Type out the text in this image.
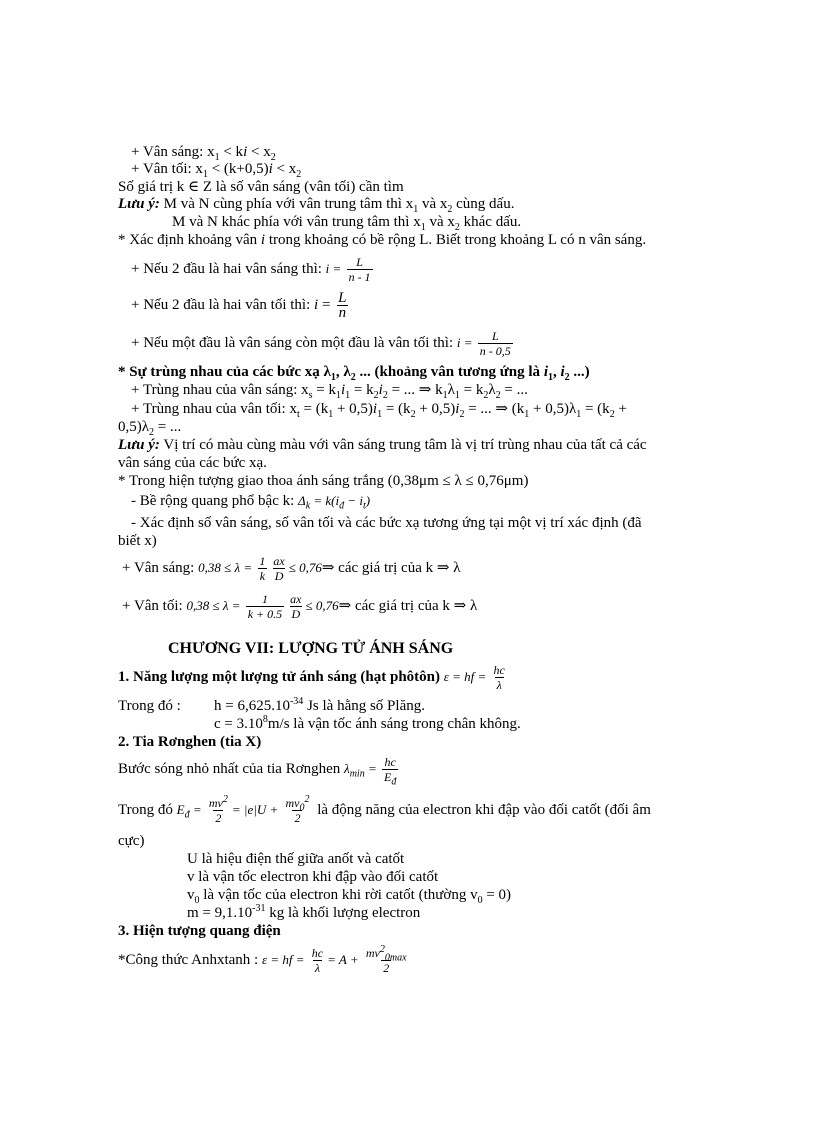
+ Vân sáng: $x_1$ < ki < $x_2$
+ Vân tối: $x_1 < (k+0,5)i < x_2$
Số giá trị k ∈ Z là số vân sáng (vân tối) cần tìm
Lưu ý: M và N cùng phía với vân trung tâm thì $x_1$ và $x_2$ cùng dấu.
M và N khác phía với vân trung tâm thì $x_1$ và $x_2$ khác dấu.
* Xác định khoảng vân i trong khoảng có bề rộng L. Biết trong khoảng L có n vân sáng.
+ Nếu 2 đầu là hai vân sáng thì: $i = \frac{L}{n - 1}$
+ Nếu 2 đầu là hai vân tối thì: $i = \frac{L}{n}$
+ Nếu một đầu là vân sáng còn một đầu là vân tối thì: $i = \frac{L}{n - 0,5}$
* Sự trùng nhau của các bức xạ $\lambda_1$, $\lambda_2$ ... (khoảng vân tương ứng là $i_1$, $i_2$ ...)
+ Trùng nhau của vân sáng: $x_s = k_1i_1 = k_2i_2$ = ... ⇒ $k_1\lambda_1 = k_2\lambda_2$ = ...
+ Trùng nhau của vân tối: $x_t = (k_1 + 0,5)i_1 = (k_2 + 0,5)i_2$ = ... ⇒ $(k_1 + 0,5)\lambda_1 = (k_2$ +
$0,5)\lambda_2$ = ...
Lưu ý: Vị trí có màu cùng màu với vân sáng trung tâm là vị trí trùng nhau của tất cả các
vân sáng của các bức xạ.
* Trong hiện tượng giao thoa ánh sáng trắng (0,38μm ≤ λ ≤ 0,76μm)
- Bề rộng quang phổ bậc k: $\Delta_k = k(i_đ - i_t)$
- Xác định số vân sáng, số vân tối và các bức xạ tương ứng tại một vị trí xác định (đã
biết x)
+ Vân sáng: $0,38 \le \lambda = \frac{1}{k} \frac{ax}{D}$ ≤ 0,76⇒ các giá trị của k ⇒ λ
+ Vân tối: $0,38 \le \lambda = \frac{1}{k + 0.5} \frac{ax}{D}$ ≤ 0,76⇒ các giá trị của k ⇒ λ
CHƯƠNG VII: LƯỢNG TỬ ÁNH SÁNG
1. Năng lượng một lượng tử ánh sáng (hạt phôtôn) ε = hf = $\frac{hc}{\lambda}$
Trong đó : $h = 6,625.10^{-34}$ Js là hằng số Plăng.
$c = 3.10^8m/s$ là vận tốc ánh sáng trong chân không.
2. Tia Rơnghen (tia X)
Bước sóng nhỏ nhất của tia Rơnghen $\lambda_{min} = \frac{hc}{E_đ}$
Trong đó $E_đ = \frac{mv^2}{2} = |e|U + \frac{mv_0^2}{2}$ là động năng của electron khi đập vào đối catốt (đối âm
cực)
U là hiệu điện thế giữa anốt và catốt
v là vận tốc electron khi đập vào đối catốt
$v_0$ là vận tốc của electron khi rời catốt (thường $v_0 = 0$)
$m = 9,1.10^{-31}$ kg là khối lượng electron
3. Hiện tượng quang điện
*Công thức Anhxtanh : ε = hf = $\frac{hc}{\lambda} = A + \frac{mv^2_{0max}}{2}$
